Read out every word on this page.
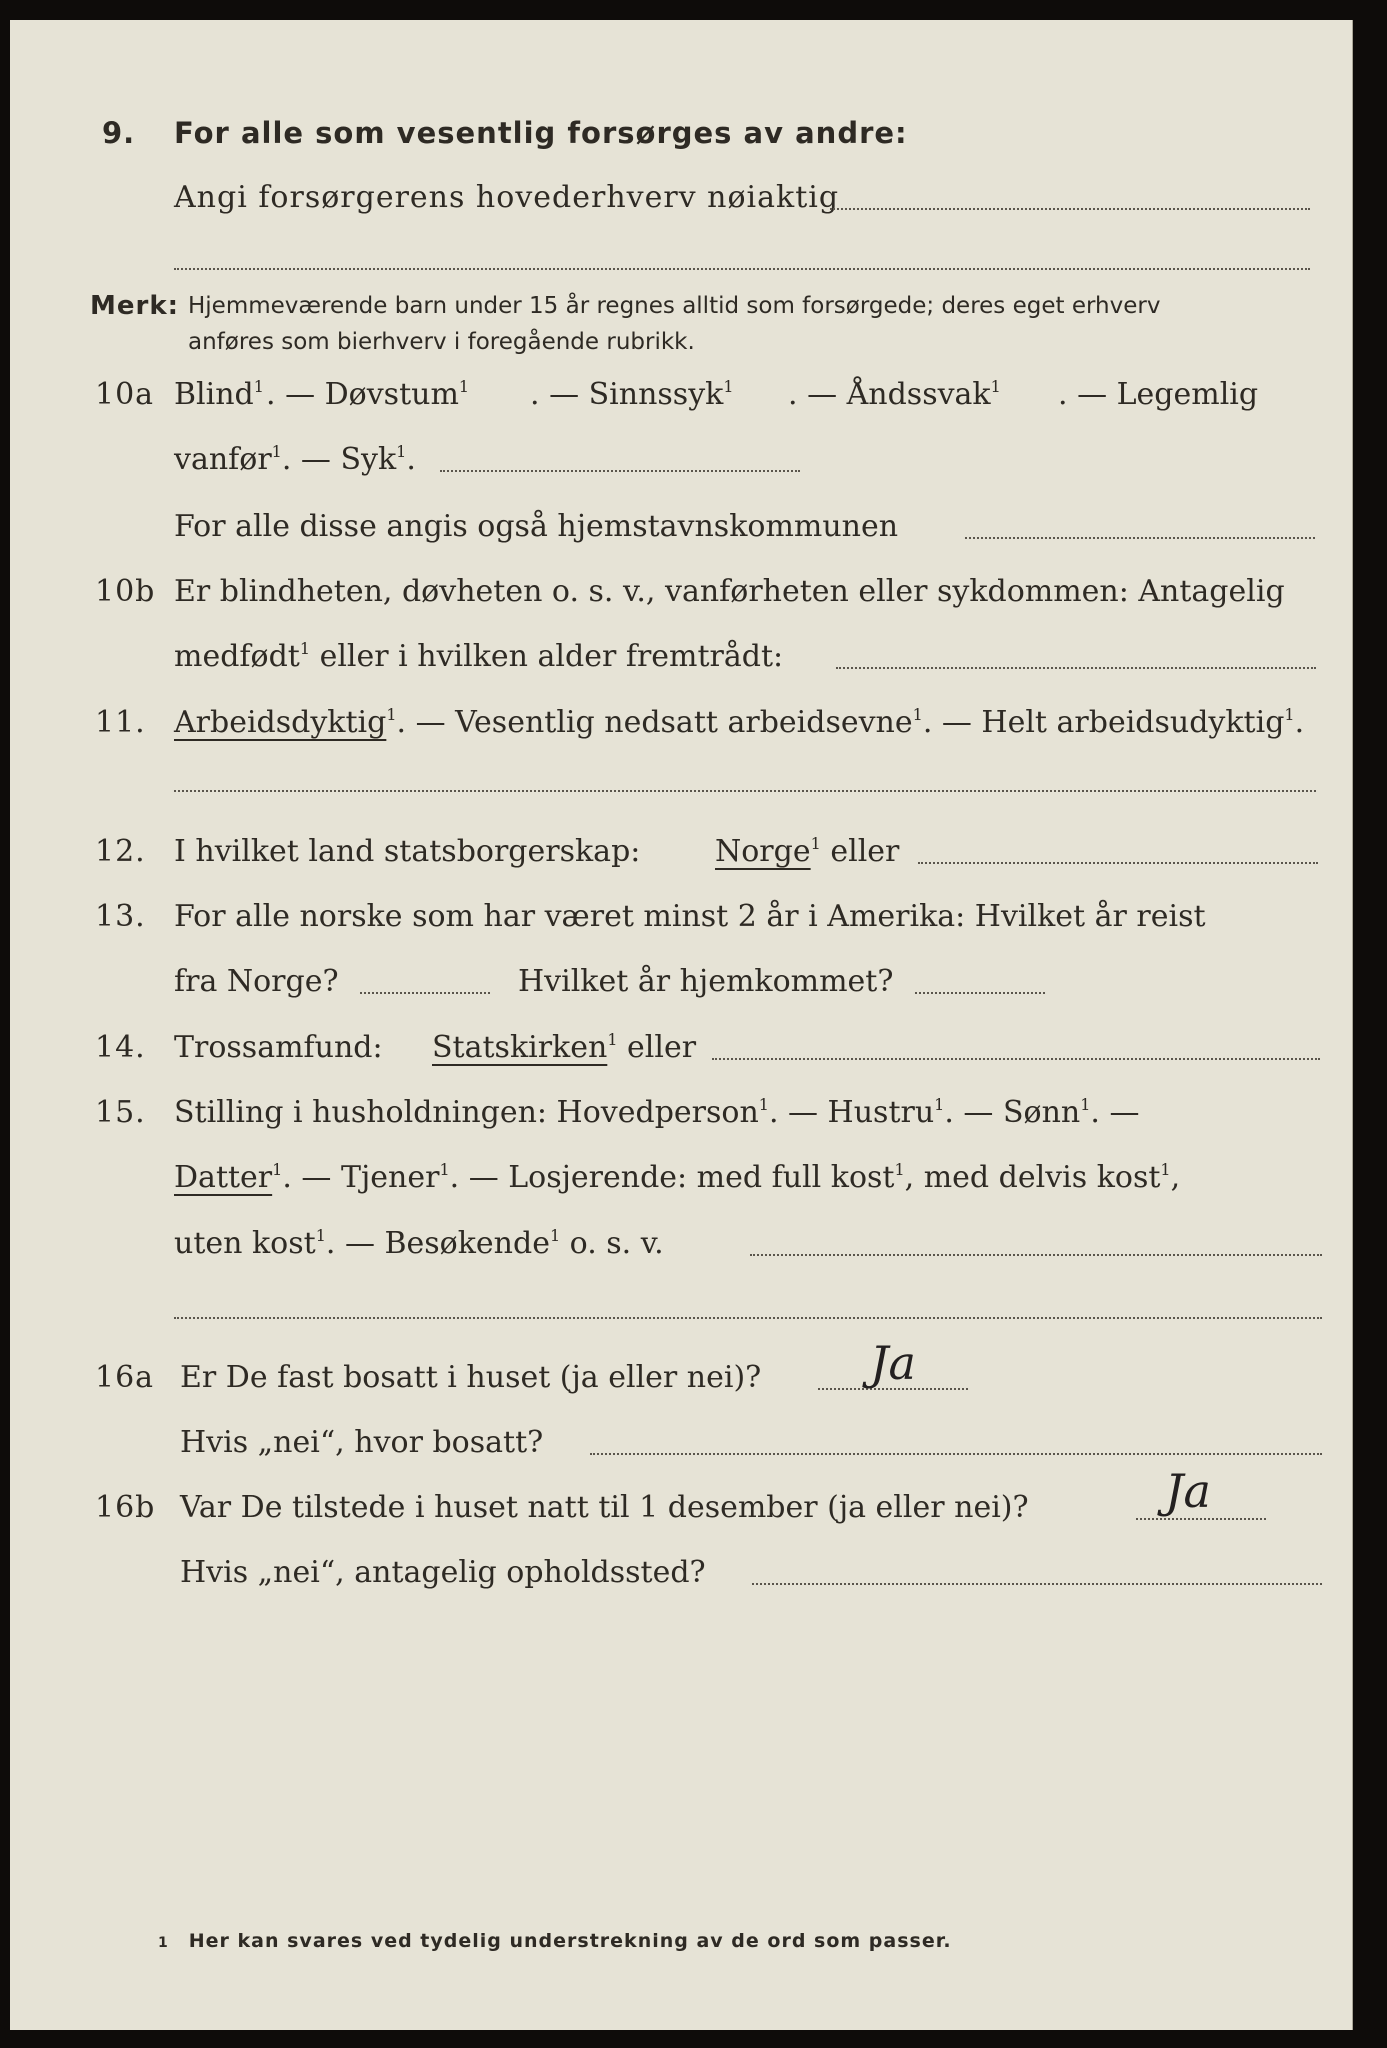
9. For alle som vesentlig forsørges av andre:
Angi forsørgerens hovederhverv nøiaktig
Merk: Hjemmeværende barn under 15 år regnes alltid som forsørgede; deres eget erhverv
anføres som bierhverv i foregående rubrikk.
10a Blind$^1$ . — Døvstum$^1$ . — Sinnssyk$^1$ . — Åndssvak$^1$ . — Legemlig
vanfør$^1$. — Syk$^1$.
For alle disse angis også hjemstavnskommunen
10b Er blindheten, døvheten o. s. v., vanførheten eller sykdommen: Antagelig
medfødt$^1$ eller i hvilken alder fremtrådt:
11. Arbeidsdyktig$^1$. — Vesentlig nedsatt arbeidsevne$^1$. — Helt arbeidsudyktig$^1$.
12. I hvilket land statsborgerskap: Norge$^1$ eller
13. For alle norske som har været minst 2 år i Amerika: Hvilket år reist
fra Norge?	Hvilket år hjemkommet?
14. Trossamfund: Statskirken$^1$ eller
15. Stilling i husholdningen: Hovedperson$^1$. — Hustru$^1$. — Sønn$^1$. —
Datter$^1$. — Tjener$^1$. — Losjerende: med full kost$^1$, med delvis kost$^1$,
uten kost$^1$. — Besøkende$^1$ o. s. v.
16a Er De fast bosatt i huset (ja eller nei)? Ja
Hvis „nei“, hvor bosatt?
16b Var De tilstede i huset natt til 1 desember (ja eller nei)?	Ja
Hvis „nei“, antagelig opholdssted?
1 Her kan svares ved tydelig understrekning av de ord som passer.
